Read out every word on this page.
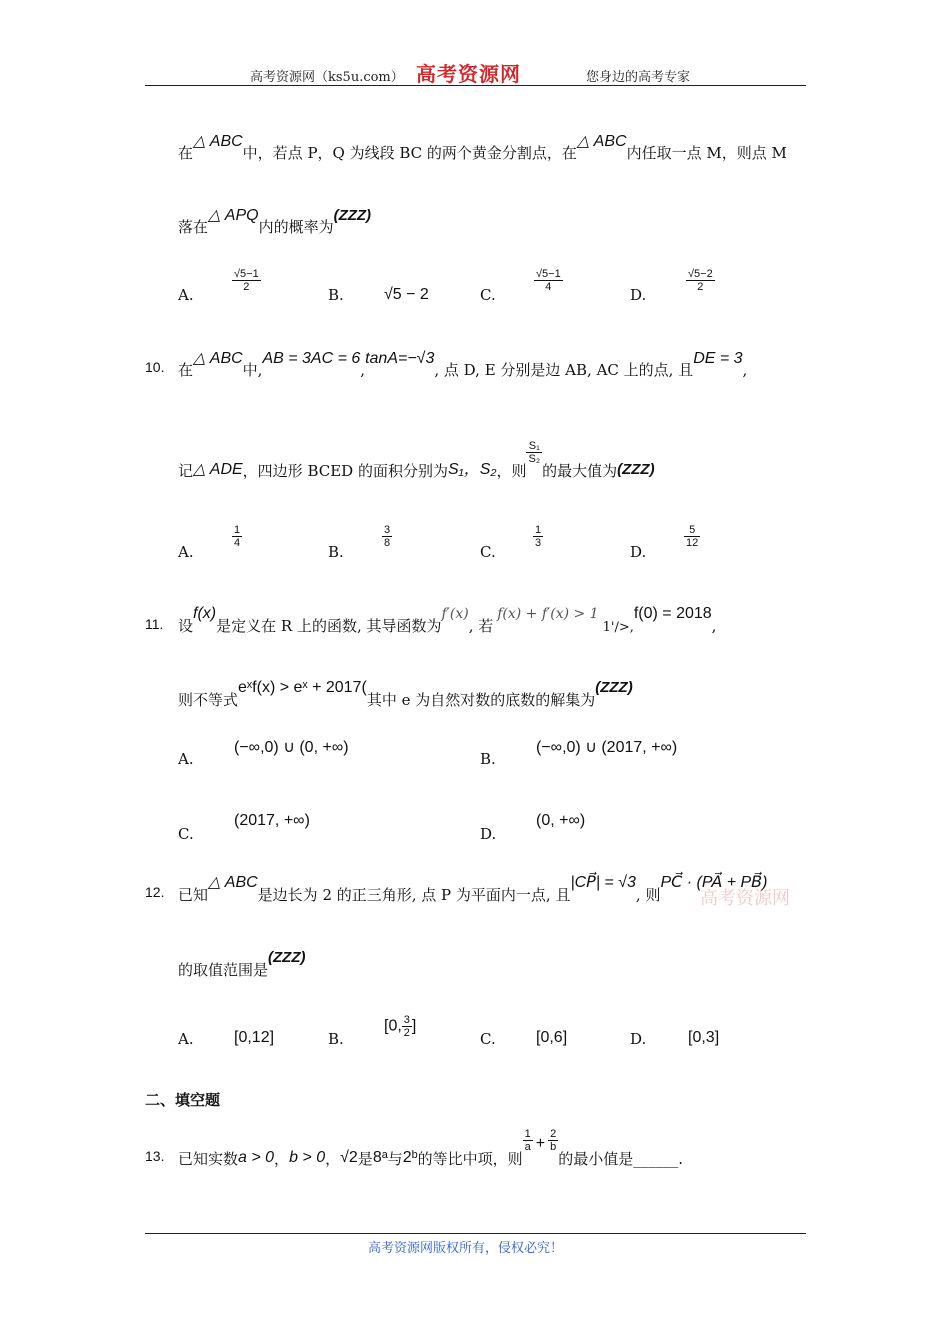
高考资源网（ks5u.com） 高考资源网	您身边的高考专家
在△ ABC中，若点 P，Q 为线段 BC 的两个黄金分割点，在△ ABC内任取一点 M，则点 M
落在△ APQ内的概率为(ZZZ)
A.
$\frac{√5-1}{2}$
B.	√5 − 2	C.
$\frac{√5-1}{4}$
D.
$\frac{√5-2}{2}$
10. 在△ ABC中,AB = 3AC = 6,tanA=−√3, 点 D, E 分别是边 AB, AC 上的点, 且DE = 3,
记△ ADE，四边形 BCED 的面积分别为S₁，S₂，则
$\frac{\text{S₁}}{\text{S₂}}$
的最大值为(ZZZ)
A.
$\frac{1}{4}$
B.
$\frac{3}{8}$
C.
$\frac{1}{3}$
D.
$\frac{5}{12}$
11. 设f(x)是定义在 R 上的函数, 其导函数为f′(x), 若f(x) + f′(x) > 11'/>,f(0) = 2018,
则不等式eˣf(x) > eˣ + 2017(其中 e 为自然对数的底数的解集为(ZZZ)
A.
(−∞,0) ∪ (0, +∞)
B.
(−∞,0) ∪ (2017, +∞)
C.
(2017, +∞)
D.
(0, +∞)
12.	高考资源网
已知△ ABC是边长为 2 的正三角形, 点 P 为平面内一点, 且|CP⃗| = √3, 则PC⃗ · (PA⃗ + PB⃗)
的取值范围是(ZZZ)
A.	[0,12]	B.
[0, $\frac{3}{2}$ ]
C.	[0,6]	D.	[0,3]
二、填空题
13. 已知实数a > 0，b > 0，√2是8ᵃ与2ᵇ的等比中项，则
$\frac{1}{a} + \frac{2}{b}$
的最小值是______.
高考资源网版权所有，侵权必究！
